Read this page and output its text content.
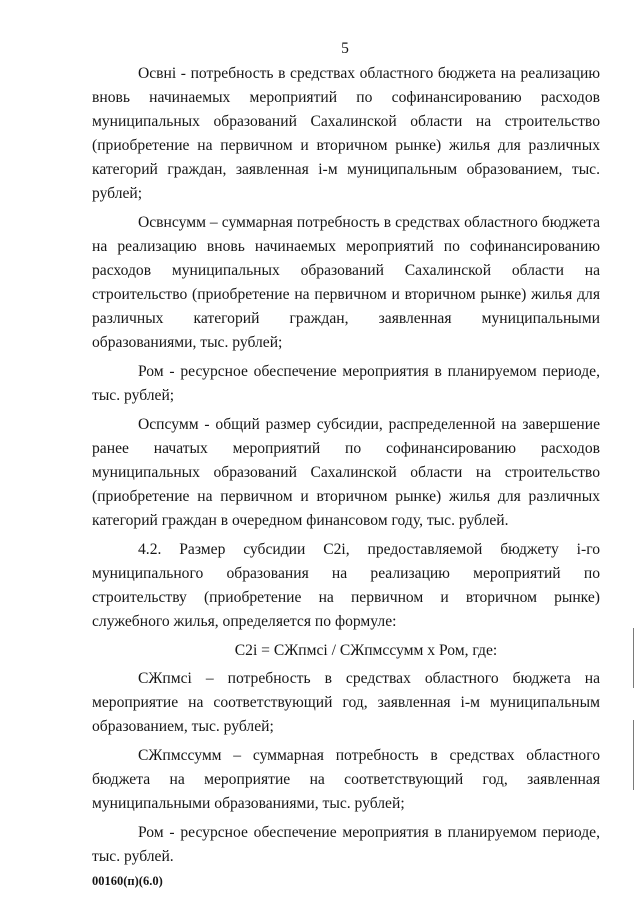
5

Освнi - потребность в средствах областного бюджета на реализацию вновь начинаемых мероприятий по софинансированию расходов муниципальных образований Сахалинской области на строительство (приобретение на первичном и вторичном рынке) жилья для различных категорий граждан, заявленная i-м муниципальным образованием, тыс. рублей;

Освнсумм – суммарная потребность в средствах областного бюджета на реализацию вновь начинаемых мероприятий по софинансированию расходов муниципальных образований Сахалинской области на строительство (приобретение на первичном и вторичном рынке) жилья для различных категорий граждан, заявленная муниципальными образованиями, тыс. рублей;

Ром - ресурсное обеспечение мероприятия в планируемом периоде, тыс. рублей;

Оспсумм - общий размер субсидии, распределенной на завершение ранее начатых мероприятий по софинансированию расходов муниципальных образований Сахалинской области на строительство (приобретение на первичном и вторичном рынке) жилья для различных категорий граждан в очередном финансовом году, тыс. рублей.

4.2. Размер субсидии С2i, предоставляемой бюджету i-го муниципального образования на реализацию мероприятий по строительству (приобретение на первичном и вторичном рынке) служебного жилья, определяется по формуле:

С2i = СЖпмсi / СЖпмссумм х Ром, где:

СЖпмсi – потребность в средствах областного бюджета на мероприятие на соответствующий год, заявленная i-м муниципальным образованием, тыс. рублей;

СЖпмссумм – суммарная потребность в средствах областного бюджета на мероприятие на соответствующий год, заявленная муниципальными образованиями, тыс. рублей;

Ром - ресурсное обеспечение мероприятия в планируемом периоде, тыс. рублей.

00160(п)(6.0)
